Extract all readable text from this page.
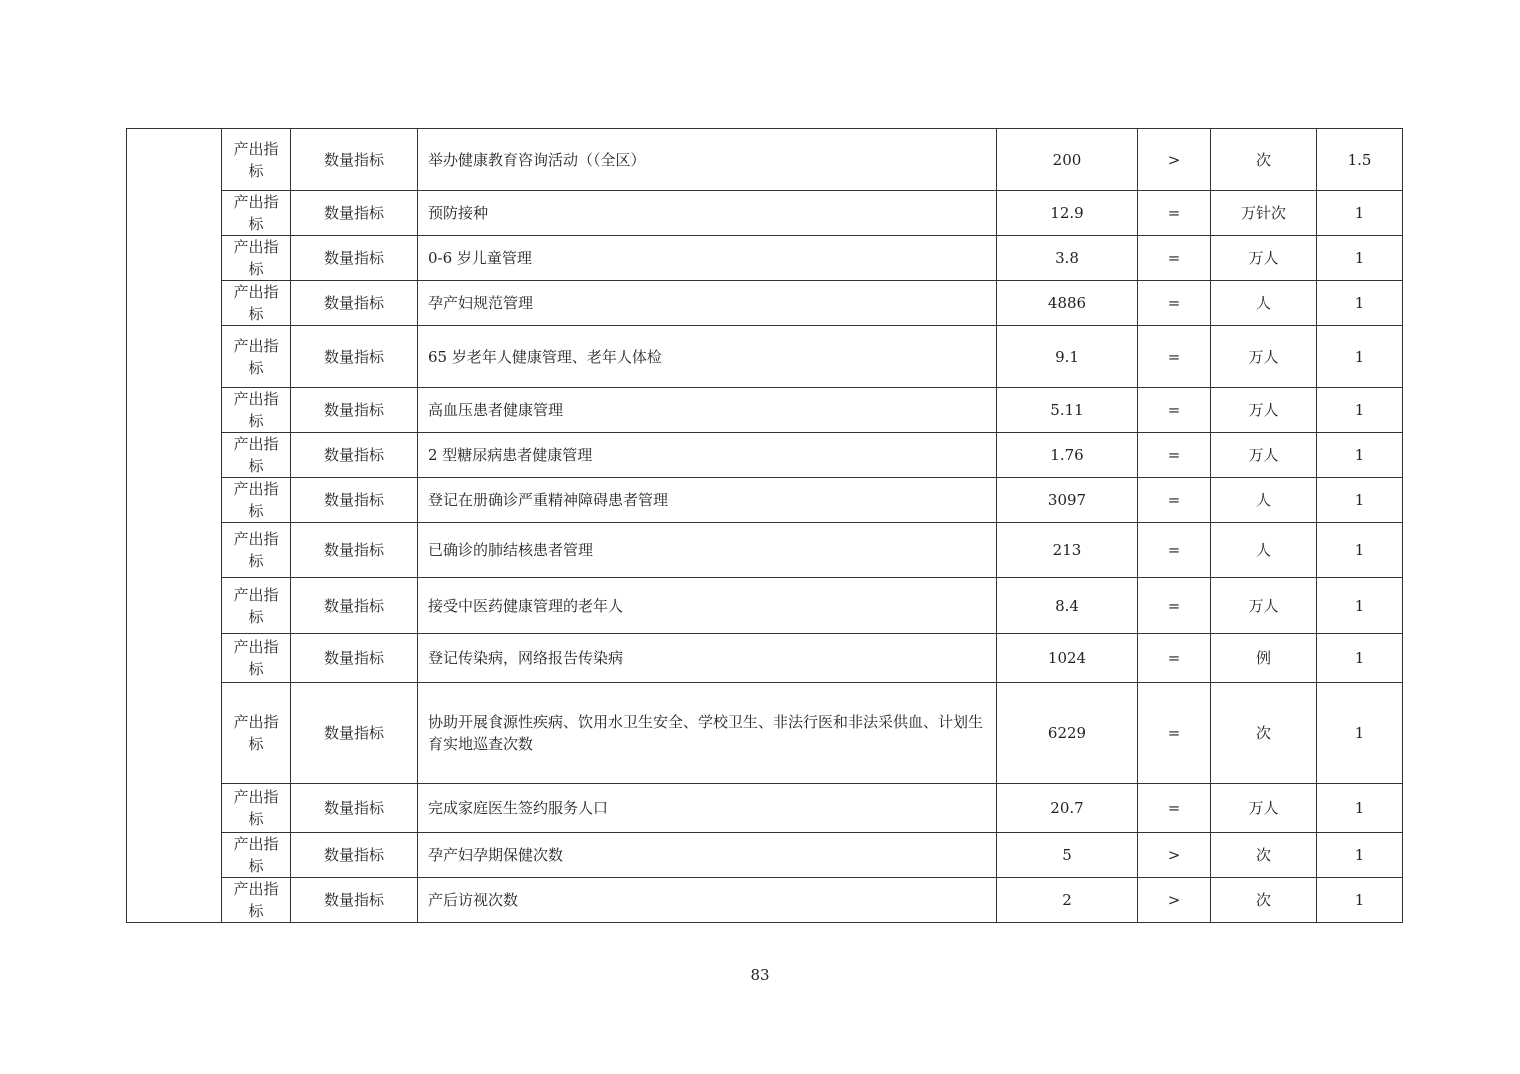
	产出指标	数量指标	举办健康教育咨询活动（（全区）	200	>	次	1.5
	产出指标	数量指标	预防接种	12.9	=	万针次	1
	产出指标	数量指标	0-6 岁儿童管理	3.8	=	万人	1
	产出指标	数量指标	孕产妇规范管理	4886	=	人	1
	产出指标	数量指标	65 岁老年人健康管理、老年人体检	9.1	=	万人	1
	产出指标	数量指标	高血压患者健康管理	5.11	=	万人	1
	产出指标	数量指标	2 型糖尿病患者健康管理	1.76	=	万人	1
	产出指标	数量指标	登记在册确诊严重精神障碍患者管理	3097	=	人	1
	产出指标	数量指标	已确诊的肺结核患者管理	213	=	人	1
	产出指标	数量指标	接受中医药健康管理的老年人	8.4	=	万人	1
	产出指标	数量指标	登记传染病，网络报告传染病	1024	=	例	1
	产出指标	数量指标	协助开展食源性疾病、饮用水卫生安全、学校卫生、非法行医和非法采供血、计划生育实地巡查次数	6229	=	次	1
	产出指标	数量指标	完成家庭医生签约服务人口	20.7	=	万人	1
	产出指标	数量指标	孕产妇孕期保健次数	5	>	次	1
	产出指标	数量指标	产后访视次数	2	>	次	1
83
